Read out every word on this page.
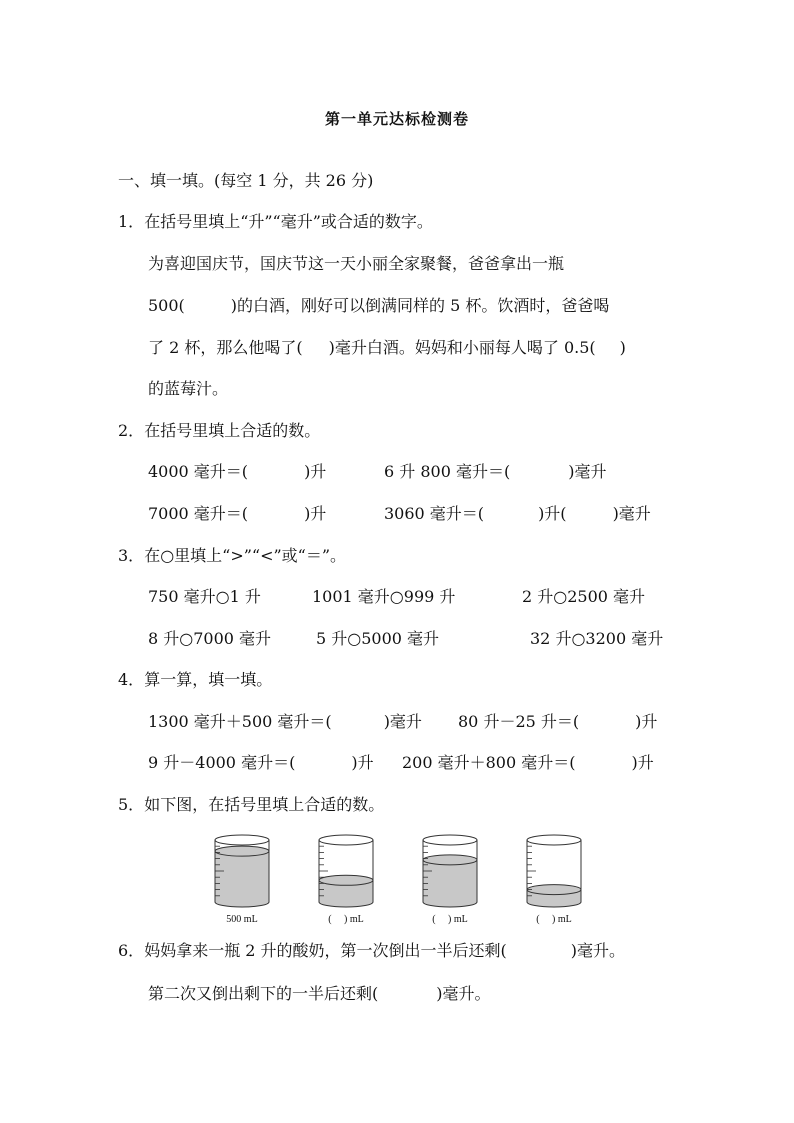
第一单元达标检测卷
一、填一填。(每空 1 分，共 26 分)
1．在括号里填上“升”“毫升”或合适的数字。
为喜迎国庆节，国庆节这一天小丽全家聚餐，爸爸拿出一瓶
500(	)的白酒，刚好可以倒满同样的 5 杯。饮酒时，爸爸喝
了 2 杯，那么他喝了( )毫升白酒。妈妈和小丽每人喝了 0.5( )
的蓝莓汁。
2．在括号里填上合适的数。
4000 毫升＝(	)升	6 升 800 毫升＝(	)毫升
7000 毫升＝(	)升	3060 毫升＝(	)升(	)毫升
3．在○里填上“>”“<”或“＝”。
750 毫升○1 升	1001 毫升○999 升	2 升○2500 毫升
8 升○7000 毫升	5 升○5000 毫升	32 升○3200 毫升
4．算一算，填一填。
1300 毫升＋500 毫升＝(	)毫升 80 升－25 升＝(	)升
9 升－4000 毫升＝(	)升 200 毫升＋800 毫升＝(	)升
5．如下图，在括号里填上合适的数。
500 mL	(　 ) mL	(　 ) mL	(　 ) mL
6．妈妈拿来一瓶 2 升的酸奶，第一次倒出一半后还剩(	)毫升。
第二次又倒出剩下的一半后还剩(	)毫升。
